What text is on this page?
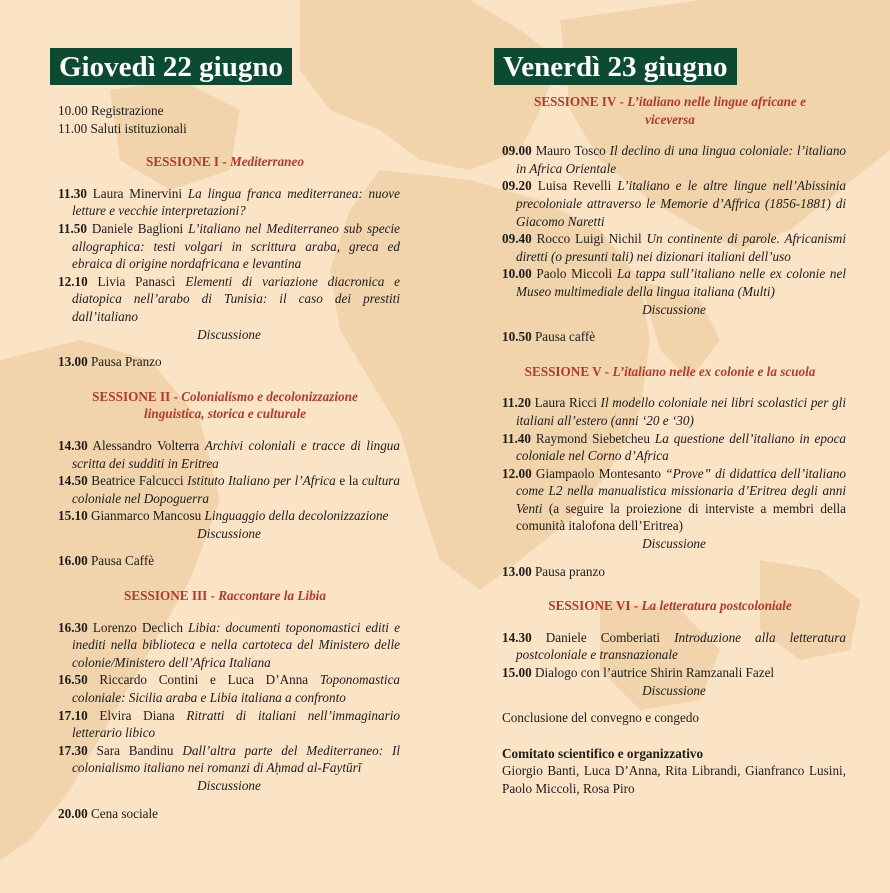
Giovedì 22 giugno
10.00 Registrazione
11.00 Saluti istituzionali
SESSIONE I - Mediterraneo
11.30 Laura Minervini La lingua franca mediterranea: nuove letture e vecchie interpretazioni?
11.50 Daniele Baglioni L’italiano nel Mediterraneo sub specie allographica: testi volgari in scrittura araba, greca ed ebraica di origine nordafricana e levantina
12.10 Livia Panascì Elementi di variazione diacronica e diatopica nell’arabo di Tunisia: il caso dei prestiti dall’italiano
Discussione
13.00 Pausa Pranzo
SESSIONE II - Colonialismo e decolonizzazione linguistica, storica e culturale
14.30 Alessandro Volterra Archivi coloniali e tracce di lingua scritta dei sudditi in Eritrea
14.50 Beatrice Falcucci Istituto Italiano per l’Africa e la cultura coloniale nel Dopoguerra
15.10 Gianmarco Mancosu Linguaggio della decolonizzazione
Discussione
16.00 Pausa Caffè
SESSIONE III - Raccontare la Libia
16.30 Lorenzo Declich Libia: documenti toponomastici editi e inediti nella biblioteca e nella cartoteca del Ministero delle colonie/Ministero dell’Africa Italiana
16.50 Riccardo Contini e Luca D’Anna Toponomastica coloniale: Sicilia araba e Libia italiana a confronto
17.10 Elvira Diana Ritratti di italiani nell’immaginario letterario libico
17.30 Sara Bandinu Dall’altra parte del Mediterraneo: Il colonialismo italiano nei romanzi di Aḥmad al-Faytūrī
Discussione
20.00 Cena sociale
Venerdì 23 giugno
SESSIONE IV - L’italiano nelle lingue africane e viceversa
09.00 Mauro Tosco Il declino di una lingua coloniale: l’italiano in Africa Orientale
09.20 Luisa Revelli L’italiano e le altre lingue nell’Abissinia precoloniale attraverso le Memorie d’Affrica (1856-1881) di Giacomo Naretti
09.40 Rocco Luigi Nichil Un continente di parole. Africanismi diretti (o presunti tali) nei dizionari italiani dell’uso
10.00 Paolo Miccoli La tappa sull’italiano nelle ex colonie nel Museo multimediale della lingua italiana (Multi)
Discussione
10.50 Pausa caffè
SESSIONE V - L’italiano nelle ex colonie e la scuola
11.20 Laura Ricci Il modello coloniale nei libri scolastici per gli italiani all’estero (anni ‘20 e ‘30)
11.40 Raymond Siebetcheu La questione dell’italiano in epoca coloniale nel Corno d’Africa
12.00 Giampaolo Montesanto “Prove” di didattica dell’italiano come L2 nella manualistica missionaria d’Eritrea degli anni Venti (a seguire la proiezione di interviste a membri della comunità italofona dell’Eritrea)
Discussione
13.00 Pausa pranzo
SESSIONE VI - La letteratura postcoloniale
14.30 Daniele Comberiati Introduzione alla letteratura postcoloniale e transnazionale
15.00 Dialogo con l’autrice Shirin Ramzanali Fazel
Discussione
Conclusione del convegno e congedo
Comitato scientifico e organizzativo
Giorgio Banti, Luca D’Anna, Rita Librandi, Gianfranco Lusini, Paolo Miccoli, Rosa Piro
